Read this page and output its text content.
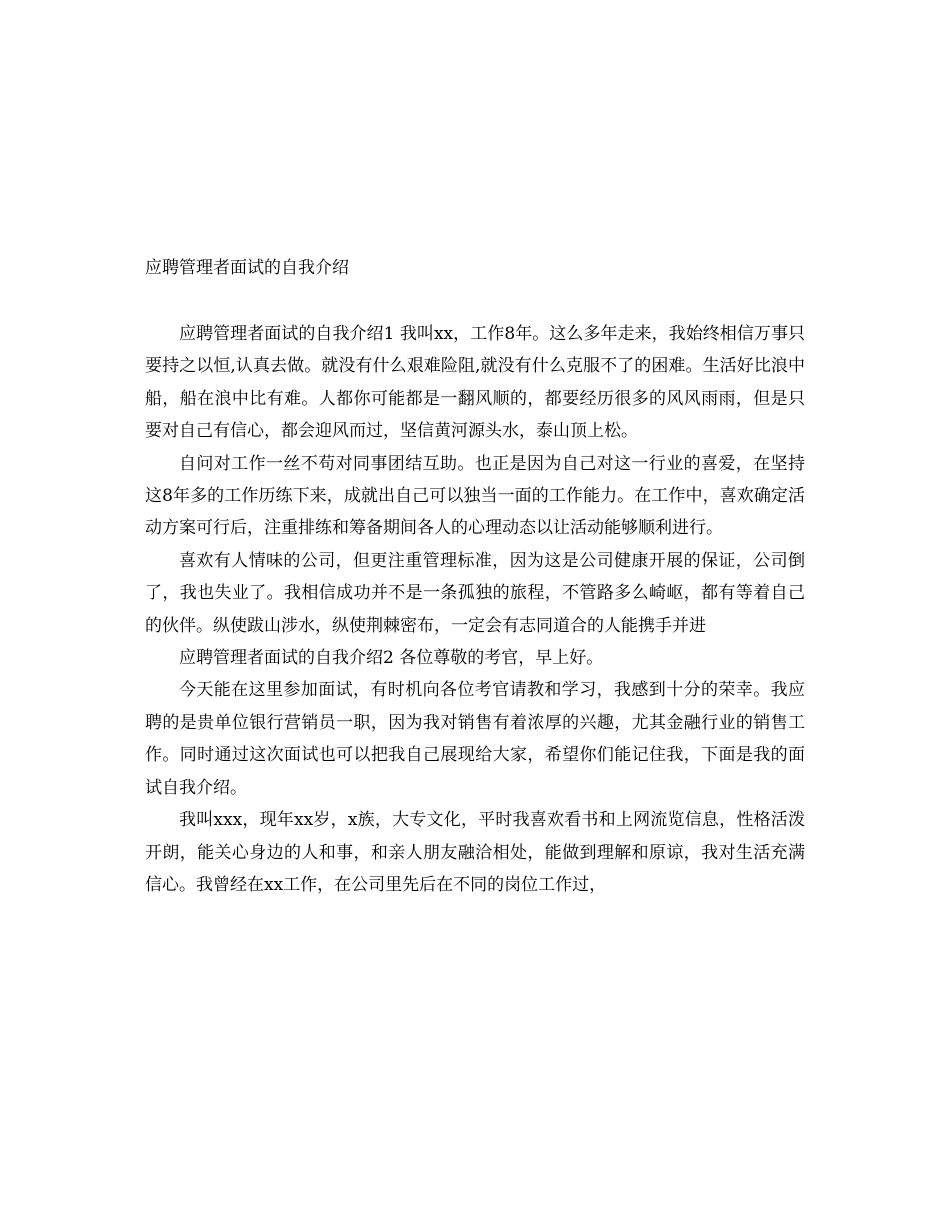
应聘管理者面试的自我介绍

应聘管理者面试的自我介绍1 我叫xx，工作8年。这么多年走来，我始终相信万事只要持之以恒,认真去做。就没有什么艰难险阻,就没有什么克服不了的困难。生活好比浪中船，船在浪中比有难。人都你可能都是一翻风顺的，都要经历很多的风风雨雨，但是只要对自己有信心，都会迎风而过，坚信黄河源头水，泰山顶上松。

自问对工作一丝不苟对同事团结互助。也正是因为自己对这一行业的喜爱，在坚持这8年多的工作历练下来，成就出自己可以独当一面的工作能力。在工作中，喜欢确定活动方案可行后，注重排练和筹备期间各人的心理动态以让活动能够顺利进行。

喜欢有人情味的公司，但更注重管理标准，因为这是公司健康开展的保证，公司倒了，我也失业了。我相信成功并不是一条孤独的旅程，不管路多么崎岖，都有等着自己的伙伴。纵使跋山涉水，纵使荆棘密布，一定会有志同道合的人能携手并进

应聘管理者面试的自我介绍2 各位尊敬的考官，早上好。

今天能在这里参加面试，有时机向各位考官请教和学习，我感到十分的荣幸。我应聘的是贵单位银行营销员一职，因为我对销售有着浓厚的兴趣，尤其金融行业的销售工作。同时通过这次面试也可以把我自己展现给大家，希望你们能记住我，下面是我的面试自我介绍。

我叫xxx，现年xx岁，x族，大专文化，平时我喜欢看书和上网流览信息，性格活泼开朗，能关心身边的人和事，和亲人朋友融洽相处，能做到理解和原谅，我对生活充满信心。我曾经在xx工作，在公司里先后在不同的岗位工作过，
